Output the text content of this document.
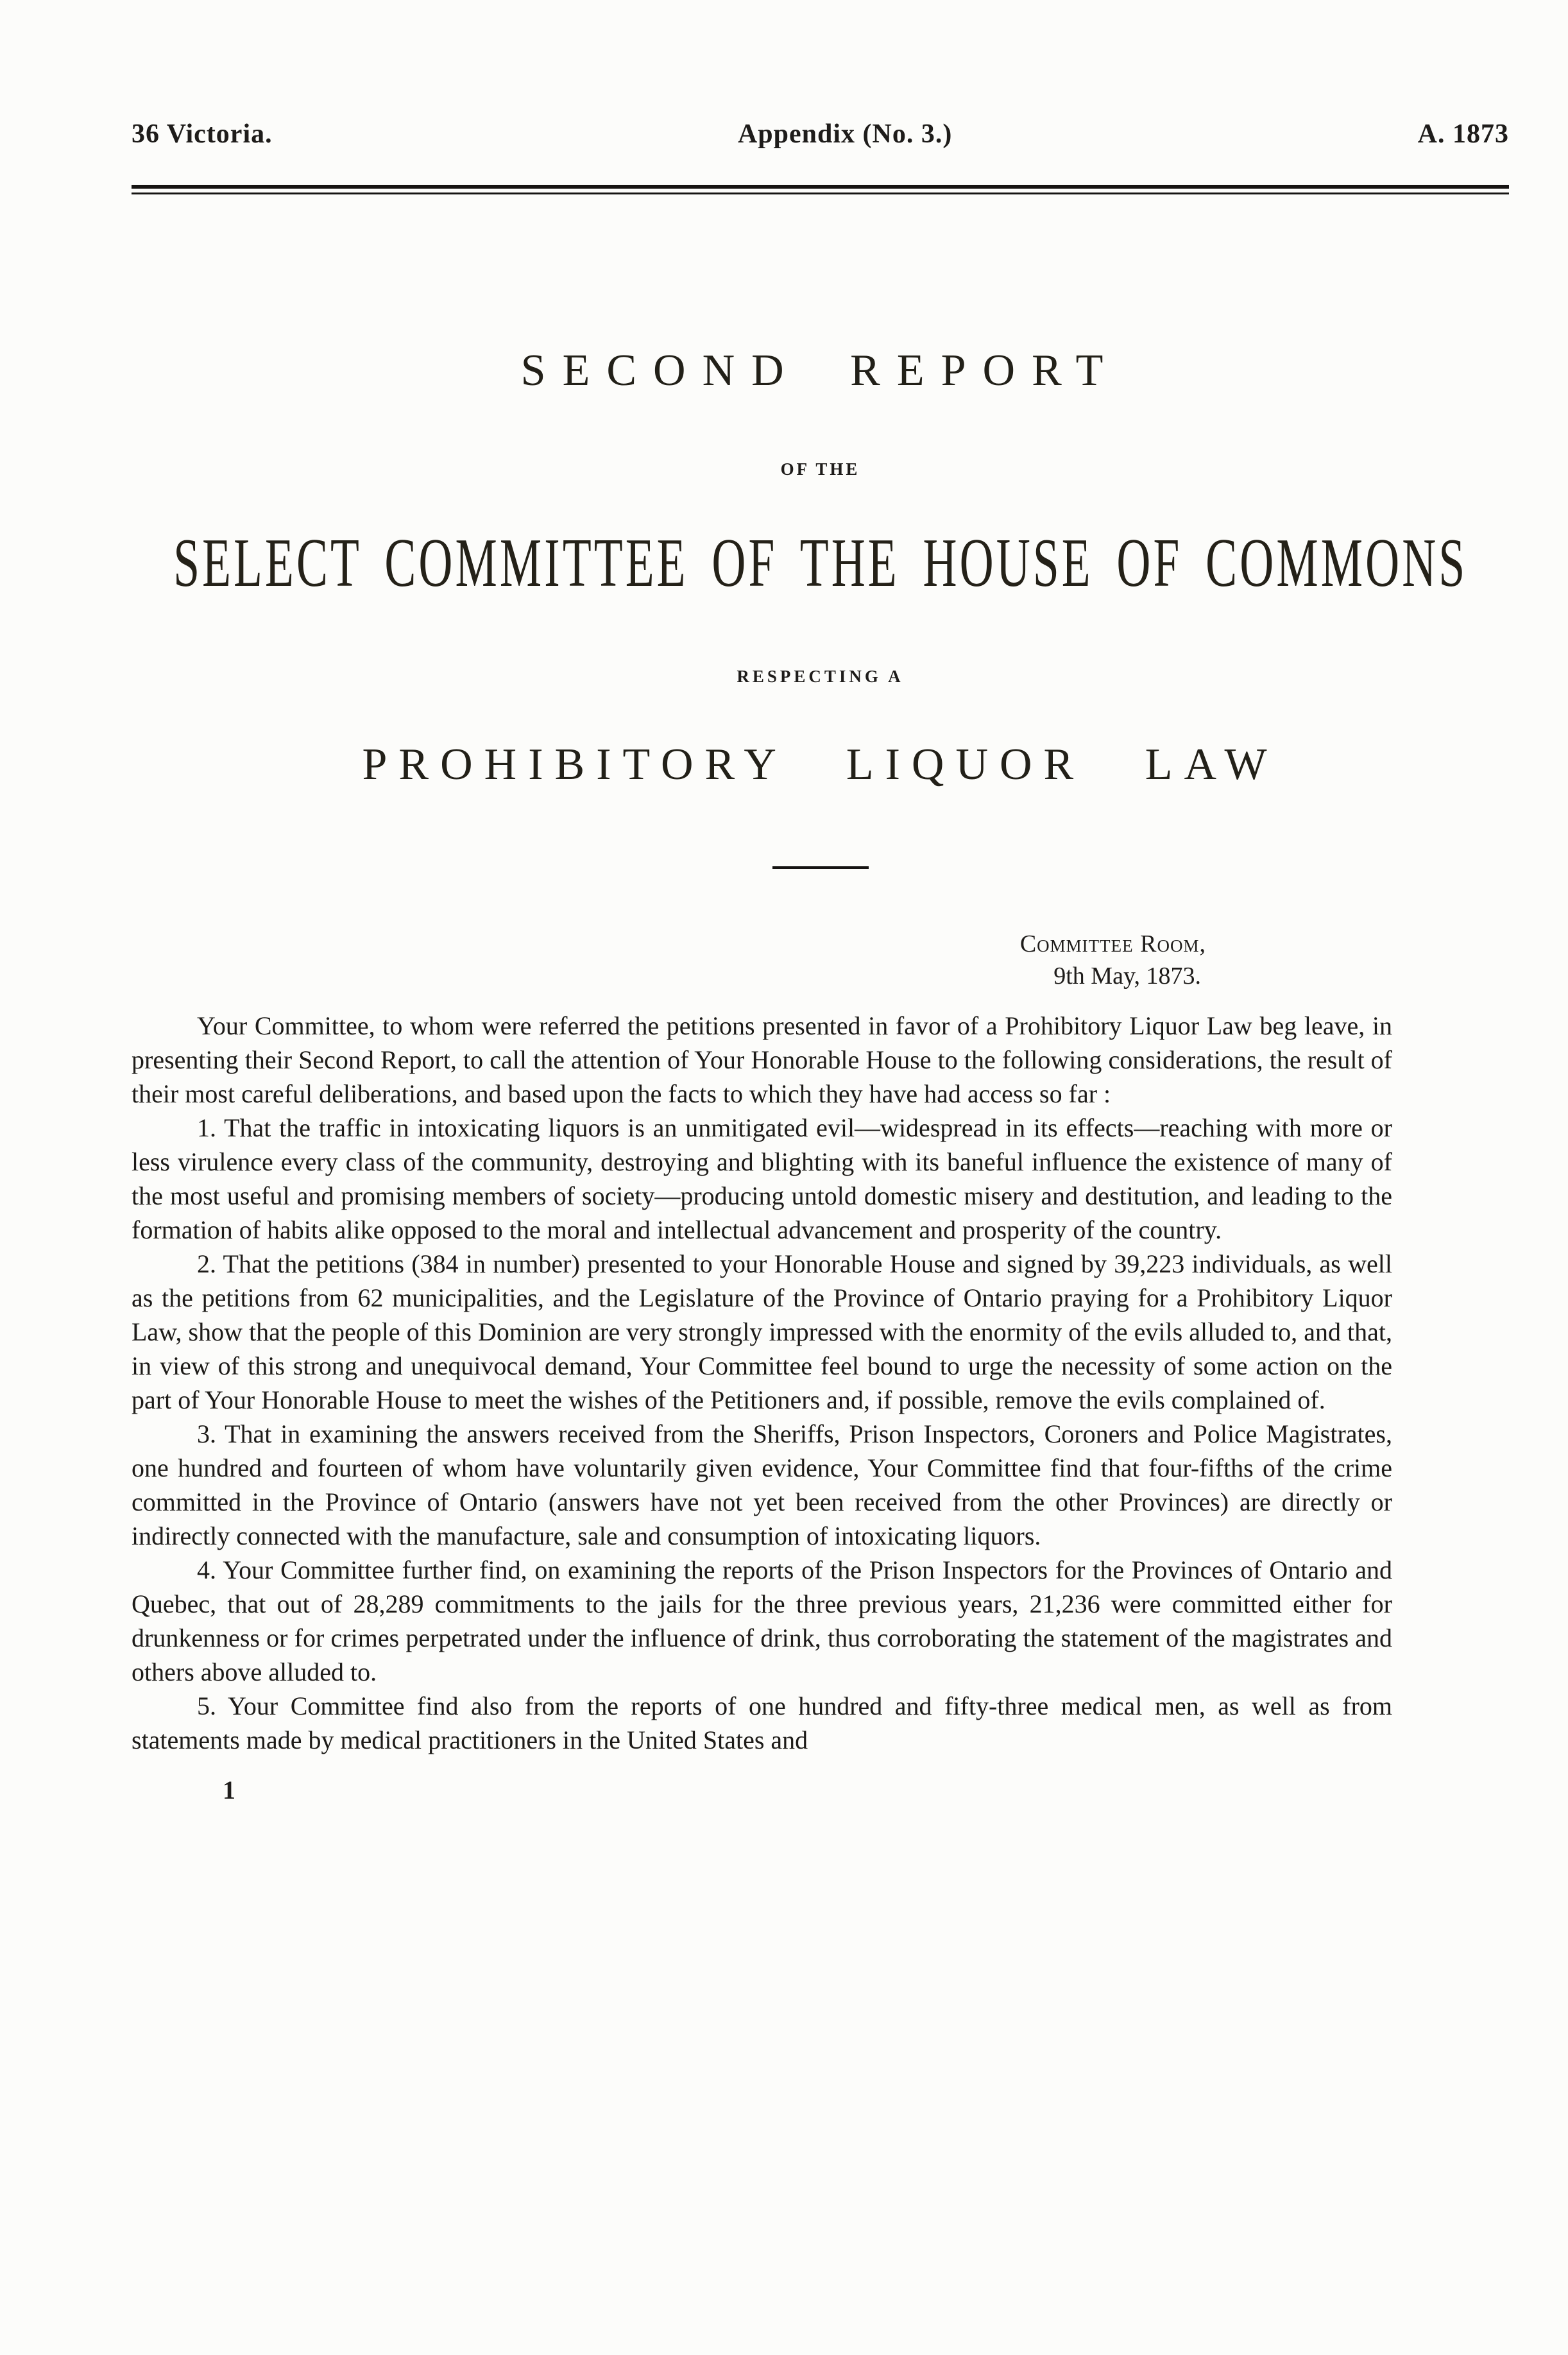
36 Victoria.	Appendix (No. 3.)	A. 1873
SECOND REPORT
OF THE
SELECT COMMITTEE OF THE HOUSE OF COMMONS
RESPECTING A
PROHIBITORY LIQUOR LAW
Committee Room,
9th May, 1873.

Your Committee, to whom were referred the petitions presented in favor of a Prohibitory Liquor Law beg leave, in presenting their Second Report, to call the attention of Your Honorable House to the following considerations, the result of their most careful deliberations, and based upon the facts to which they have had access so far :

1. That the traffic in intoxicating liquors is an unmitigated evil—widespread in its effects—reaching with more or less virulence every class of the community, destroying and blighting with its baneful influence the existence of many of the most useful and promising members of society—producing untold domestic misery and destitution, and leading to the formation of habits alike opposed to the moral and intellectual advancement and prosperity of the country.

2. That the petitions (384 in number) presented to your Honorable House and signed by 39,223 individuals, as well as the petitions from 62 municipalities, and the Legislature of the Province of Ontario praying for a Prohibitory Liquor Law, show that the people of this Dominion are very strongly impressed with the enormity of the evils alluded to, and that, in view of this strong and unequivocal demand, Your Committee feel bound to urge the necessity of some action on the part of Your Honorable House to meet the wishes of the Petitioners and, if possible, remove the evils complained of.

3. That in examining the answers received from the Sheriffs, Prison Inspectors, Coroners and Police Magistrates, one hundred and fourteen of whom have voluntarily given evidence, Your Committee find that four-fifths of the crime committed in the Province of Ontario (answers have not yet been received from the other Provinces) are directly or indirectly connected with the manufacture, sale and consumption of intoxicating liquors.

4. Your Committee further find, on examining the reports of the Prison Inspectors for the Provinces of Ontario and Quebec, that out of 28,289 commitments to the jails for the three previous years, 21,236 were committed either for drunkenness or for crimes perpetrated under the influence of drink, thus corroborating the statement of the magistrates and others above alluded to.

5. Your Committee find also from the reports of one hundred and fifty-three medical men, as well as from statements made by medical practitioners in the United States and

1
